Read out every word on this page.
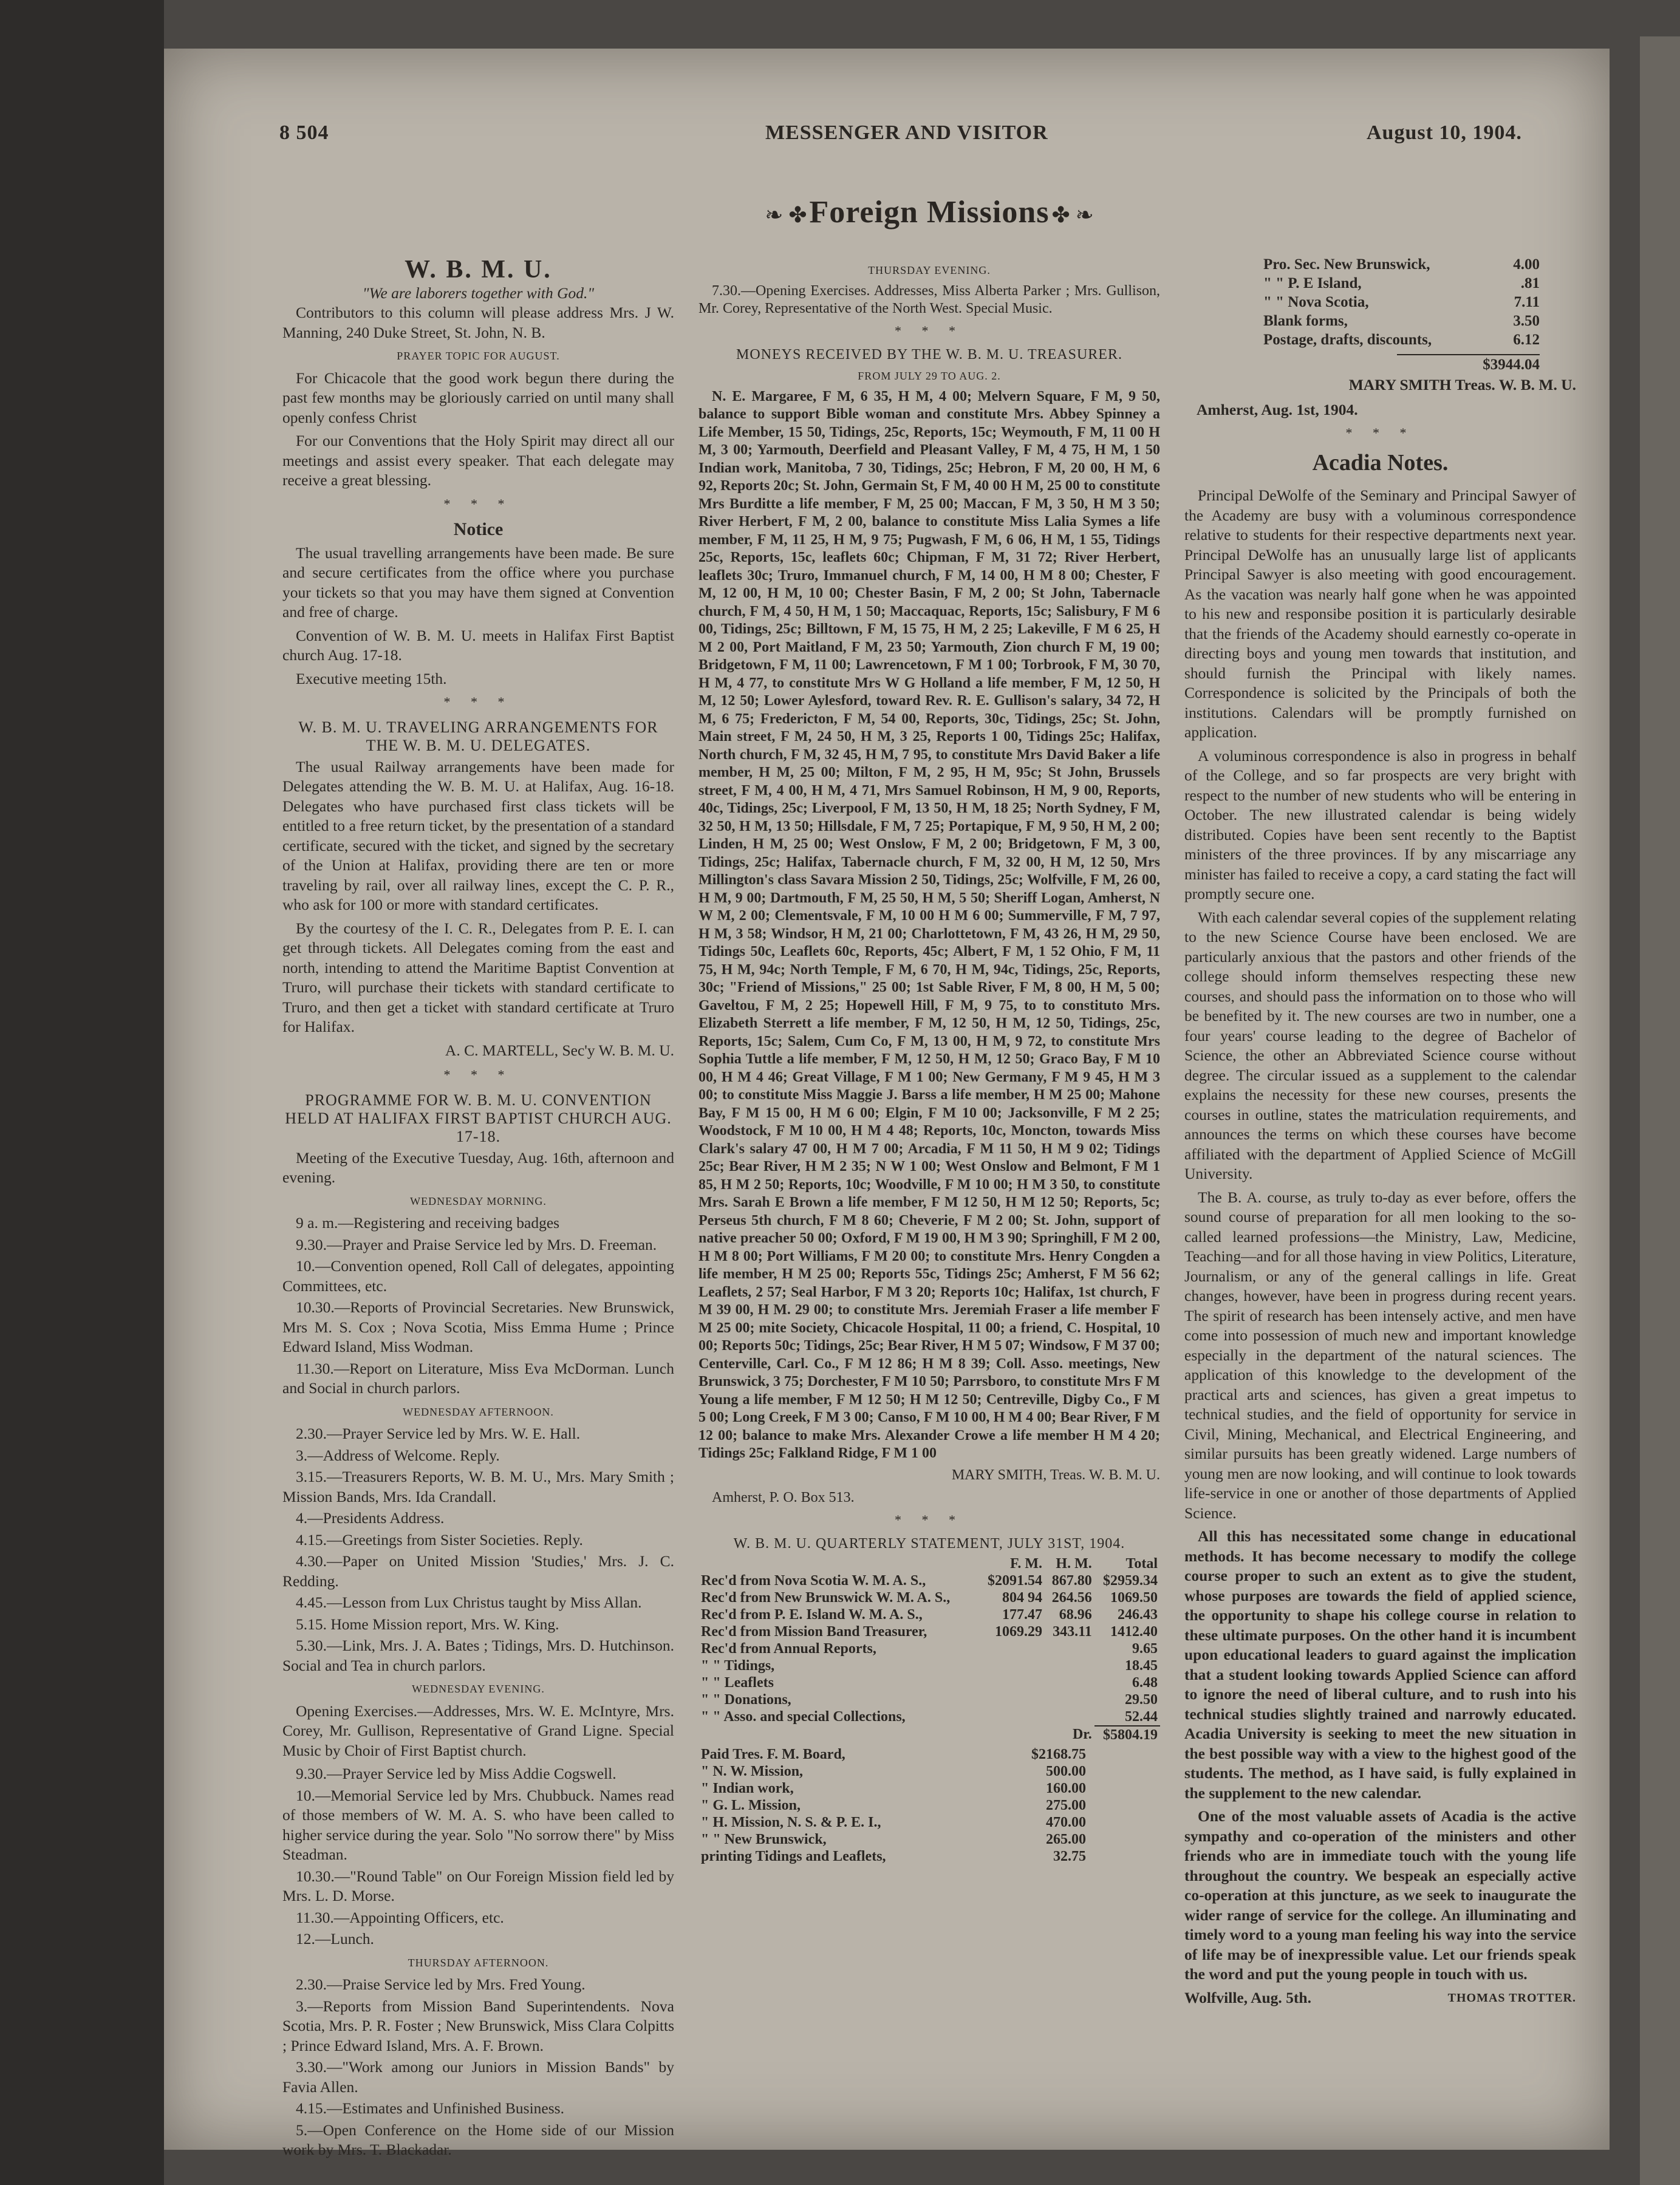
8 504	MESSENGER AND VISITOR	August 10, 1904.
❧ ✤ Foreign Missions ✤ ❧
W. B. M. U.
"We are laborers together with God."

Contributors to this column will please address Mrs. J W. Manning, 240 Duke Street, St. John, N. B.

PRAYER TOPIC FOR AUGUST.

For Chicacole that the good work begun there during the past few months may be gloriously carried on until many shall openly confess Christ

For our Conventions that the Holy Spirit may direct all our meetings and assist every speaker. That each delegate may receive a great blessing.

* * *
Notice

The usual travelling arrangements have been made. Be sure and secure certificates from the office where you purchase your tickets so that you may have them signed at Convention and free of charge.

Convention of W. B. M. U. meets in Halifax First Baptist church Aug. 17-18.

Executive meeting 15th.

* * *
W. B. M. U. TRAVELING ARRANGEMENTS FOR THE W. B. M. U. DELEGATES.

The usual Railway arrangements have been made for Delegates attending the W. B. M. U. at Halifax, Aug. 16-18. Delegates who have purchased first class tickets will be entitled to a free return ticket, by the presentation of a standard certificate, secured with the ticket, and signed by the secretary of the Union at Halifax, providing there are ten or more traveling by rail, over all railway lines, except the C. P. R., who ask for 100 or more with standard certificates.

By the courtesy of the I. C. R., Delegates from P. E. I. can get through tickets. All Delegates coming from the east and north, intending to attend the Maritime Baptist Convention at Truro, will purchase their tickets with standard certificate to Truro, and then get a ticket with standard certificate at Truro for Halifax.

A. C. MARTELL, Sec'y W. B. M. U.
* * *
PROGRAMME FOR W. B. M. U. CONVENTION HELD AT HALIFAX FIRST BAPTIST CHURCH AUG. 17-18.

Meeting of the Executive Tuesday, Aug. 16th, afternoon and evening.

WEDNESDAY MORNING.
9 a. m.—Registering and receiving badges
9.30.—Prayer and Praise Service led by Mrs. D. Freeman.
10.—Convention opened, Roll Call of delegates, appointing Committees, etc.
10.30.—Reports of Provincial Secretaries. New Brunswick, Mrs M. S. Cox ; Nova Scotia, Miss Emma Hume ; Prince Edward Island, Miss Wodman.
11.30.—Report on Literature, Miss Eva McDorman. Lunch and Social in church parlors.
WEDNESDAY AFTERNOON.
2.30.—Prayer Service led by Mrs. W. E. Hall.
3.—Address of Welcome. Reply.
3.15.—Treasurers Reports, W. B. M. U., Mrs. Mary Smith ; Mission Bands, Mrs. Ida Crandall.
4.—Presidents Address.
4.15.—Greetings from Sister Societies. Reply.
4.30.—Paper on United Mission 'Studies,' Mrs. J. C. Redding.
4.45.—Lesson from Lux Christus taught by Miss Allan.
5.15. Home Mission report, Mrs. W. King.
5.30.—Link, Mrs. J. A. Bates ; Tidings, Mrs. D. Hutchinson. Social and Tea in church parlors.
WEDNESDAY EVENING.

Opening Exercises.—Addresses, Mrs. W. E. McIntyre, Mrs. Corey, Mr. Gullison, Representative of Grand Ligne. Special Music by Choir of First Baptist church.

9.30.—Prayer Service led by Miss Addie Cogswell.
10.—Memorial Service led by Mrs. Chubbuck. Names read of those members of W. M. A. S. who have been called to higher service during the year. Solo "No sorrow there" by Miss Steadman.
10.30.—"Round Table" on Our Foreign Mission field led by Mrs. L. D. Morse.
11.30.—Appointing Officers, etc.
12.—Lunch.
THURSDAY AFTERNOON.
2.30.—Praise Service led by Mrs. Fred Young.
3.—Reports from Mission Band Superintendents. Nova Scotia, Mrs. P. R. Foster ; New Brunswick, Miss Clara Colpitts ; Prince Edward Island, Mrs. A. F. Brown.
3.30.—"Work among our Juniors in Mission Bands" by Favia Allen.
4.15.—Estimates and Unfinished Business.
5.—Open Conference on the Home side of our Mission work by Mrs. T. Blackadar.
THURSDAY EVENING.

7.30.—Opening Exercises. Addresses, Miss Alberta Parker ; Mrs. Gullison, Mr. Corey, Representative of the North West. Special Music.

* * *
MONEYS RECEIVED BY THE W. B. M. U. TREASURER.
FROM JULY 29 TO AUG. 2.

N. E. Margaree, F M, 6 35, H M, 4 00; Melvern Square, F M, 9 50, balance to support Bible woman and constitute Mrs. Abbey Spinney a Life Member, 15 50, Tidings, 25c, Reports, 15c; Weymouth, F M, 11 00 H M, 3 00; Yarmouth, Deerfield and Pleasant Valley, F M, 4 75, H M, 1 50 Indian work, Manitoba, 7 30, Tidings, 25c; Hebron, F M, 20 00, H M, 6 92, Reports 20c; St. John, Germain St, F M, 40 00 H M, 25 00 to constitute Mrs Burditte a life member, F M, 25 00; Maccan, F M, 3 50, H M 3 50; River Herbert, F M, 2 00, balance to constitute Miss Lalia Symes a life member, F M, 11 25, H M, 9 75; Pugwash, F M, 6 06, H M, 1 55, Tidings 25c, Reports, 15c, leaflets 60c; Chipman, F M, 31 72; River Herbert, leaflets 30c; Truro, Immanuel church, F M, 14 00, H M 8 00; Chester, F M, 12 00, H M, 10 00; Chester Basin, F M, 2 00; St John, Tabernacle church, F M, 4 50, H M, 1 50; Maccaquac, Reports, 15c; Salisbury, F M 6 00, Tidings, 25c; Billtown, F M, 15 75, H M, 2 25; Lakeville, F M 6 25, H M 2 00, Port Maitland, F M, 23 50; Yarmouth, Zion church F M, 19 00; Bridgetown, F M, 11 00; Lawrencetown, F M 1 00; Torbrook, F M, 30 70, H M, 4 77, to constitute Mrs W G Holland a life member, F M, 12 50, H M, 12 50; Lower Aylesford, toward Rev. R. E. Gullison's salary, 34 72, H M, 6 75; Fredericton, F M, 54 00, Reports, 30c, Tidings, 25c; St. John, Main street, F M, 24 50, H M, 3 25, Reports 1 00, Tidings 25c; Halifax, North church, F M, 32 45, H M, 7 95, to constitute Mrs David Baker a life member, H M, 25 00; Milton, F M, 2 95, H M, 95c; St John, Brussels street, F M, 4 00, H M, 4 71, Mrs Samuel Robinson, H M, 9 00, Reports, 40c, Tidings, 25c; Liverpool, F M, 13 50, H M, 18 25; North Sydney, F M, 32 50, H M, 13 50; Hillsdale, F M, 7 25; Portapique, F M, 9 50, H M, 2 00; Linden, H M, 25 00; West Onslow, F M, 2 00; Bridgetown, F M, 3 00, Tidings, 25c; Halifax, Tabernacle church, F M, 32 00, H M, 12 50, Mrs Millington's class Savara Mission 2 50, Tidings, 25c; Wolfville, F M, 26 00, H M, 9 00; Dartmouth, F M, 25 50, H M, 5 50; Sheriff Logan, Amherst, N W M, 2 00; Clementsvale, F M, 10 00 H M 6 00; Summerville, F M, 7 97, H M, 3 58; Windsor, H M, 21 00; Charlottetown, F M, 43 26, H M, 29 50, Tidings 50c, Leaflets 60c, Reports, 45c; Albert, F M, 1 52 Ohio, F M, 11 75, H M, 94c; North Temple, F M, 6 70, H M, 94c, Tidings, 25c, Reports, 30c; "Friend of Missions," 25 00; 1st Sable River, F M, 8 00, H M, 5 00; Gaveltou, F M, 2 25; Hopewell Hill, F M, 9 75, to to constituto Mrs. Elizabeth Sterrett a life member, F M, 12 50, H M, 12 50, Tidings, 25c, Reports, 15c; Salem, Cum Co, F M, 13 00, H M, 9 72, to constitute Mrs Sophia Tuttle a life member, F M, 12 50, H M, 12 50; Graco Bay, F M 10 00, H M 4 46; Great Village, F M 1 00; New Germany, F M 9 45, H M 3 00; to constitute Miss Maggie J. Barss a life member, H M 25 00; Mahone Bay, F M 15 00, H M 6 00; Elgin, F M 10 00; Jacksonville, F M 2 25; Woodstock, F M 10 00, H M 4 48; Reports, 10c, Moncton, towards Miss Clark's salary 47 00, H M 7 00; Arcadia, F M 11 50, H M 9 02; Tidings 25c; Bear River, H M 2 35; N W 1 00; West Onslow and Belmont, F M 1 85, H M 2 50; Reports, 10c; Woodville, F M 10 00; H M 3 50, to constitute Mrs. Sarah E Brown a life member, F M 12 50, H M 12 50; Reports, 5c; Perseus 5th church, F M 8 60; Cheverie, F M 2 00; St. John, support of native preacher 50 00; Oxford, F M 19 00, H M 3 90; Springhill, F M 2 00, H M 8 00; Port Williams, F M 20 00; to constitute Mrs. Henry Congden a life member, H M 25 00; Reports 55c, Tidings 25c; Amherst, F M 56 62; Leaflets, 2 57; Seal Harbor, F M 3 20; Reports 10c; Halifax, 1st church, F M 39 00, H M. 29 00; to constitute Mrs. Jeremiah Fraser a life member F M 25 00; mite Society, Chicacole Hospital, 11 00; a friend, C. Hospital, 10 00; Reports 50c; Tidings, 25c; Bear River, H M 5 07; Windsow, F M 37 00; Centerville, Carl. Co., F M 12 86; H M 8 39; Coll. Asso. meetings, New Brunswick, 3 75; Dorchester, F M 10 50; Parrsboro, to constitute Mrs F M Young a life member, F M 12 50; H M 12 50; Centreville, Digby Co., F M 5 00; Long Creek, F M 3 00; Canso, F M 10 00, H M 4 00; Bear River, F M 12 00; balance to make Mrs. Alexander Crowe a life member H M 4 20; Tidings 25c; Falkland Ridge, F M 1 00

MARY SMITH, Treas. W. B. M. U.

Amherst, P. O. Box 513.

* * *
W. B. M. U. QUARTERLY STATEMENT, JULY 31ST, 1904.
	F. M.	H. M.	Total
Rec'd from Nova Scotia W. M. A. S.,	$2091.54	867.80	$2959.34
Rec'd from New Brunswick W. M. A. S.,	804 94	264.56	1069.50
Rec'd from P. E. Island W. M. A. S.,	177.47	68.96	246.43
Rec'd from Mission Band Treasurer,	1069.29	343.11	1412.40
Rec'd from Annual Reports,			9.65
" " Tidings,			18.45
" " Leaflets			6.48
" " Donations,			29.50
" " Asso. and special Collections,			52.44
		Dr.	$5804.19
Paid Tres. F. M. Board,	$2168.75	
" N. W. Mission,	500.00	
" Indian work,	160.00	
" G. L. Mission,	275.00	
" H. Mission, N. S. & P. E. I.,	470.00	
" " New Brunswick,	265.00	
printing Tidings and Leaflets,	32.75	
Pro. Sec. New Brunswick,	4.00
" " P. E Island,	.81
" " Nova Scotia,	7.11
Blank forms,	3.50
Postage, drafts, discounts,	6.12
$3944.04
MARY SMITH Treas. W. B. M. U.

Amherst, Aug. 1st, 1904.

* * *
Acadia Notes.

Principal DeWolfe of the Seminary and Principal Sawyer of the Academy are busy with a voluminous correspondence relative to students for their respective departments next year. Principal DeWolfe has an unusually large list of applicants Principal Sawyer is also meeting with good encouragement. As the vacation was nearly half gone when he was appointed to his new and responsibe position it is particularly desirable that the friends of the Academy should earnestly co-operate in directing boys and young men towards that institution, and should furnish the Principal with likely names. Correspondence is solicited by the Principals of both the institutions. Calendars will be promptly furnished on application.

A voluminous correspondence is also in progress in behalf of the College, and so far prospects are very bright with respect to the number of new students who will be entering in October. The new illustrated calendar is being widely distributed. Copies have been sent recently to the Baptist ministers of the three provinces. If by any miscarriage any minister has failed to receive a copy, a card stating the fact will promptly secure one.

With each calendar several copies of the supplement relating to the new Science Course have been enclosed. We are particularly anxious that the pastors and other friends of the college should inform themselves respecting these new courses, and should pass the information on to those who will be benefited by it. The new courses are two in number, one a four years' course leading to the degree of Bachelor of Science, the other an Abbreviated Science course without degree. The circular issued as a supplement to the calendar explains the necessity for these new courses, presents the courses in outline, states the matriculation requirements, and announces the terms on which these courses have become affiliated with the department of Applied Science of McGill University.

The B. A. course, as truly to-day as ever before, offers the sound course of preparation for all men looking to the so-called learned professions—the Ministry, Law, Medicine, Teaching—and for all those having in view Politics, Literature, Journalism, or any of the general callings in life. Great changes, however, have been in progress during recent years. The spirit of research has been intensely active, and men have come into possession of much new and important knowledge especially in the department of the natural sciences. The application of this knowledge to the development of the practical arts and sciences, has given a great impetus to technical studies, and the field of opportunity for service in Civil, Mining, Mechanical, and Electrical Engineering, and similar pursuits has been greatly widened. Large numbers of young men are now looking, and will continue to look towards life-service in one or another of those departments of Applied Science.

All this has necessitated some change in educational methods. It has become necessary to modify the college course proper to such an extent as to give the student, whose purposes are towards the field of applied science, the opportunity to shape his college course in relation to these ultimate purposes. On the other hand it is incumbent upon educational leaders to guard against the implication that a student looking towards Applied Science can afford to ignore the need of liberal culture, and to rush into his technical studies slightly trained and narrowly educated. Acadia University is seeking to meet the new situation in the best possible way with a view to the highest good of the students. The method, as I have said, is fully explained in the supplement to the new calendar.

One of the most valuable assets of Acadia is the active sympathy and co-operation of the ministers and other friends who are in immediate touch with the young life throughout the country. We bespeak an especially active co-operation at this juncture, as we seek to inaugurate the wider range of service for the college. An illuminating and timely word to a young man feeling his way into the service of life may be of inexpressible value. Let our friends speak the word and put the young people in touch with us.

Wolfville, Aug. 5th.	THOMAS TROTTER.
